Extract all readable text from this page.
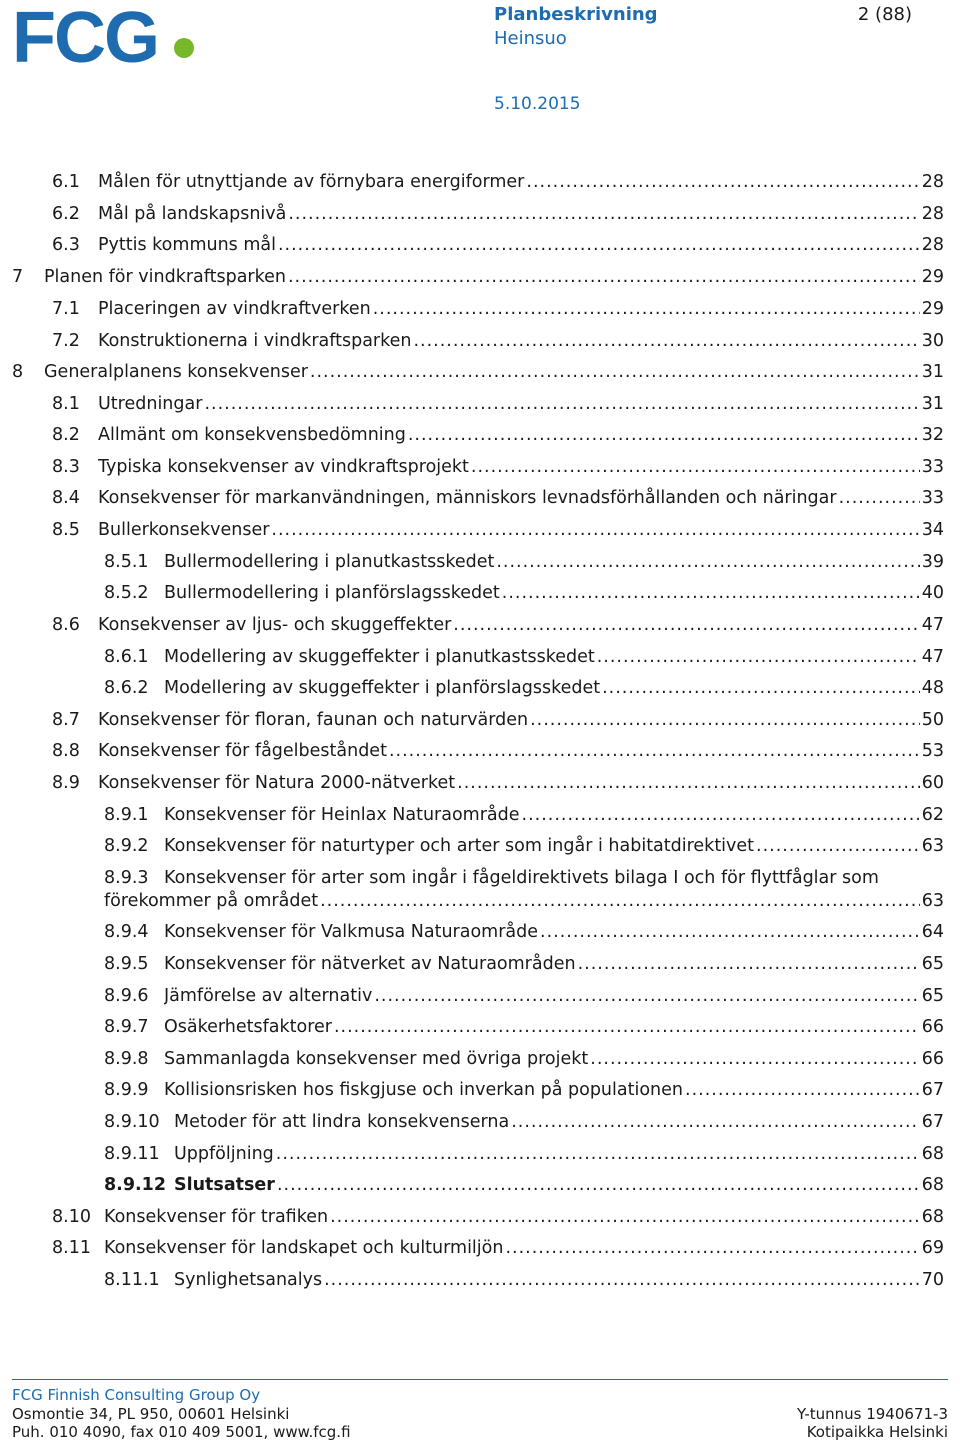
FCG	Planbeskrivning
Heinsuo
5.10.2015
2 (88)
6.1 Målen för utnyttjande av förnybara energiformer .....	28
6.2 Mål på landskapsnivå .....	28
6.3 Pyttis kommuns mål .....	28
7 Planen för vindkraftsparken .....	29
7.1 Placeringen av vindkraftverken .....	29
7.2 Konstruktionerna i vindkraftsparken .....	30
8 Generalplanens konsekvenser .....	31
8.1 Utredningar .....	31
8.2 Allmänt om konsekvensbedömning .....	32
8.3 Typiska konsekvenser av vindkraftsprojekt .....	33
8.4 Konsekvenser för markanvändningen, människors levnadsförhållanden och näringar .....	33
8.5 Bullerkonsekvenser .....	34
8.5.1 Bullermodellering i planutkastsskedet .....	39
8.5.2 Bullermodellering i planförslagsskedet .....	40
8.6 Konsekvenser av ljus- och skuggeffekter .....	47
8.6.1 Modellering av skuggeffekter i planutkastsskedet .....	47
8.6.2 Modellering av skuggeffekter i planförslagsskedet .....	48
8.7 Konsekvenser för floran, faunan och naturvärden .....	50
8.8 Konsekvenser för fågelbeståndet .....	53
8.9 Konsekvenser för Natura 2000-nätverket .....	60
8.9.1 Konsekvenser för Heinlax Naturaområde .....	62
8.9.2 Konsekvenser för naturtyper och arter som ingår i habitatdirektivet .....	63
8.9.3 Konsekvenser för arter som ingår i fågeldirektivets bilaga I och för flyttfåglar som
förekommer på området .....	63
8.9.4 Konsekvenser för Valkmusa Naturaområde .....	64
8.9.5 Konsekvenser för nätverket av Naturaområden .....	65
8.9.6 Jämförelse av alternativ .....	65
8.9.7 Osäkerhetsfaktorer .....	66
8.9.8 Sammanlagda konsekvenser med övriga projekt .....	66
8.9.9 Kollisionsrisken hos fiskgjuse och inverkan på populationen .....	67
8.9.10 Metoder för att lindra konsekvenserna .....	67
8.9.11 Uppföljning .....	68
8.9.12 Slutsatser .....	68
8.10 Konsekvenser för trafiken .....	68
8.11 Konsekvenser för landskapet och kulturmiljön .....	69
8.11.1 Synlighetsanalys .....	70
FCG Finnish Consulting Group Oy
Osmontie 34, PL 950, 00601 Helsinki
Puh. 010 4090, fax 010 409 5001, www.fcg.fi
Y-tunnus 1940671-3
Kotipaikka Helsinki
